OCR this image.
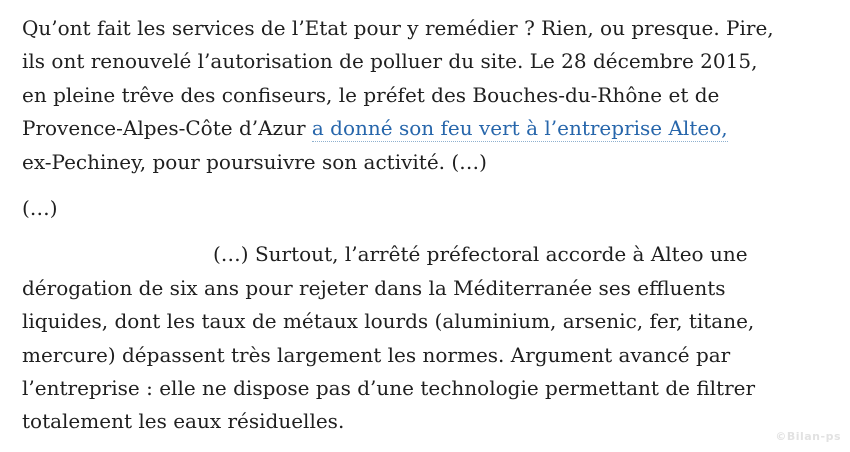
Qu’ont fait les services de l’Etat pour y remédier ? Rien, ou presque. Pire,
ils ont renouvelé l’autorisation de polluer du site. Le 28 décembre 2015,
en pleine trêve des confiseurs, le préfet des Bouches-du-Rhône et de
Provence-Alpes-Côte d’Azur a donné son feu vert à l’entreprise Alteo,
ex-Pechiney, pour poursuivre son activité. (…)
(…)
(…) Surtout, l’arrêté préfectoral accorde à Alteo une
dérogation de six ans pour rejeter dans la Méditerranée ses effluents
liquides, dont les taux de métaux lourds (aluminium, arsenic, fer, titane,
mercure) dépassent très largement les normes. Argument avancé par
l’entreprise : elle ne dispose pas d’une technologie permettant de filtrer
totalement les eaux résiduelles.
©Bilan-ps
